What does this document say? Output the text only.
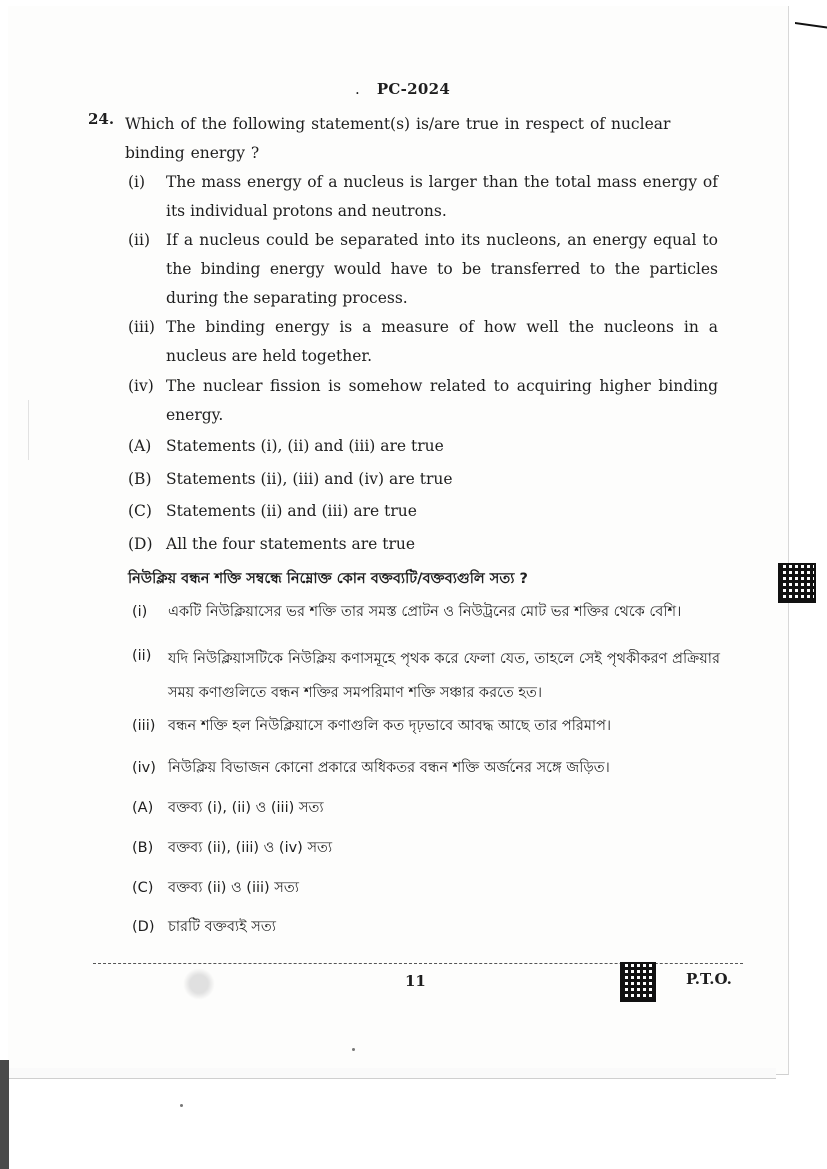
. PC-2024
24. Which of the following statement(s) is/are true in respect of nuclear binding energy ?
(i) The mass energy of a nucleus is larger than the total mass energy of its individual protons and neutrons.
(ii) If a nucleus could be separated into its nucleons, an energy equal to the binding energy would have to be transferred to the particles during the separating process.
(iii) The binding energy is a measure of how well the nucleons in a nucleus are held together.
(iv) The nuclear fission is somehow related to acquiring higher binding energy.
(A) Statements (i), (ii) and (iii) are true
(B) Statements (ii), (iii) and (iv) are true
(C) Statements (ii) and (iii) are true
(D) All the four statements are true
নিউক্লিয় বন্ধন শক্তি সম্বন্ধে নিম্নোক্ত কোন বক্তব্যটি/বক্তব্যগুলি সত্য ?
(i) একটি নিউক্লিয়াসের ভর শক্তি তার সমস্ত প্রোটন ও নিউট্রনের মোট ভর শক্তির থেকে বেশি।
(ii) যদি নিউক্লিয়াসটিকে নিউক্লিয় কণাসমূহে পৃথক করে ফেলা যেত, তাহলে সেই পৃথকীকরণ প্রক্রিয়ার সময় কণাগুলিতে বন্ধন শক্তির সমপরিমাণ শক্তি সঞ্চার করতে হত।
(iii) বন্ধন শক্তি হল নিউক্লিয়াসে কণাগুলি কত দৃঢ়ভাবে আবদ্ধ আছে তার পরিমাপ।
(iv) নিউক্লিয় বিভাজন কোনো প্রকারে অধিকতর বন্ধন শক্তি অর্জনের সঙ্গে জড়িত।
(A) বক্তব্য (i), (ii) ও (iii) সত্য
(B) বক্তব্য (ii), (iii) ও (iv) সত্য
(C) বক্তব্য (ii) ও (iii) সত্য
(D) চারটি বক্তব্যই সত্য
11	P.T.O.
